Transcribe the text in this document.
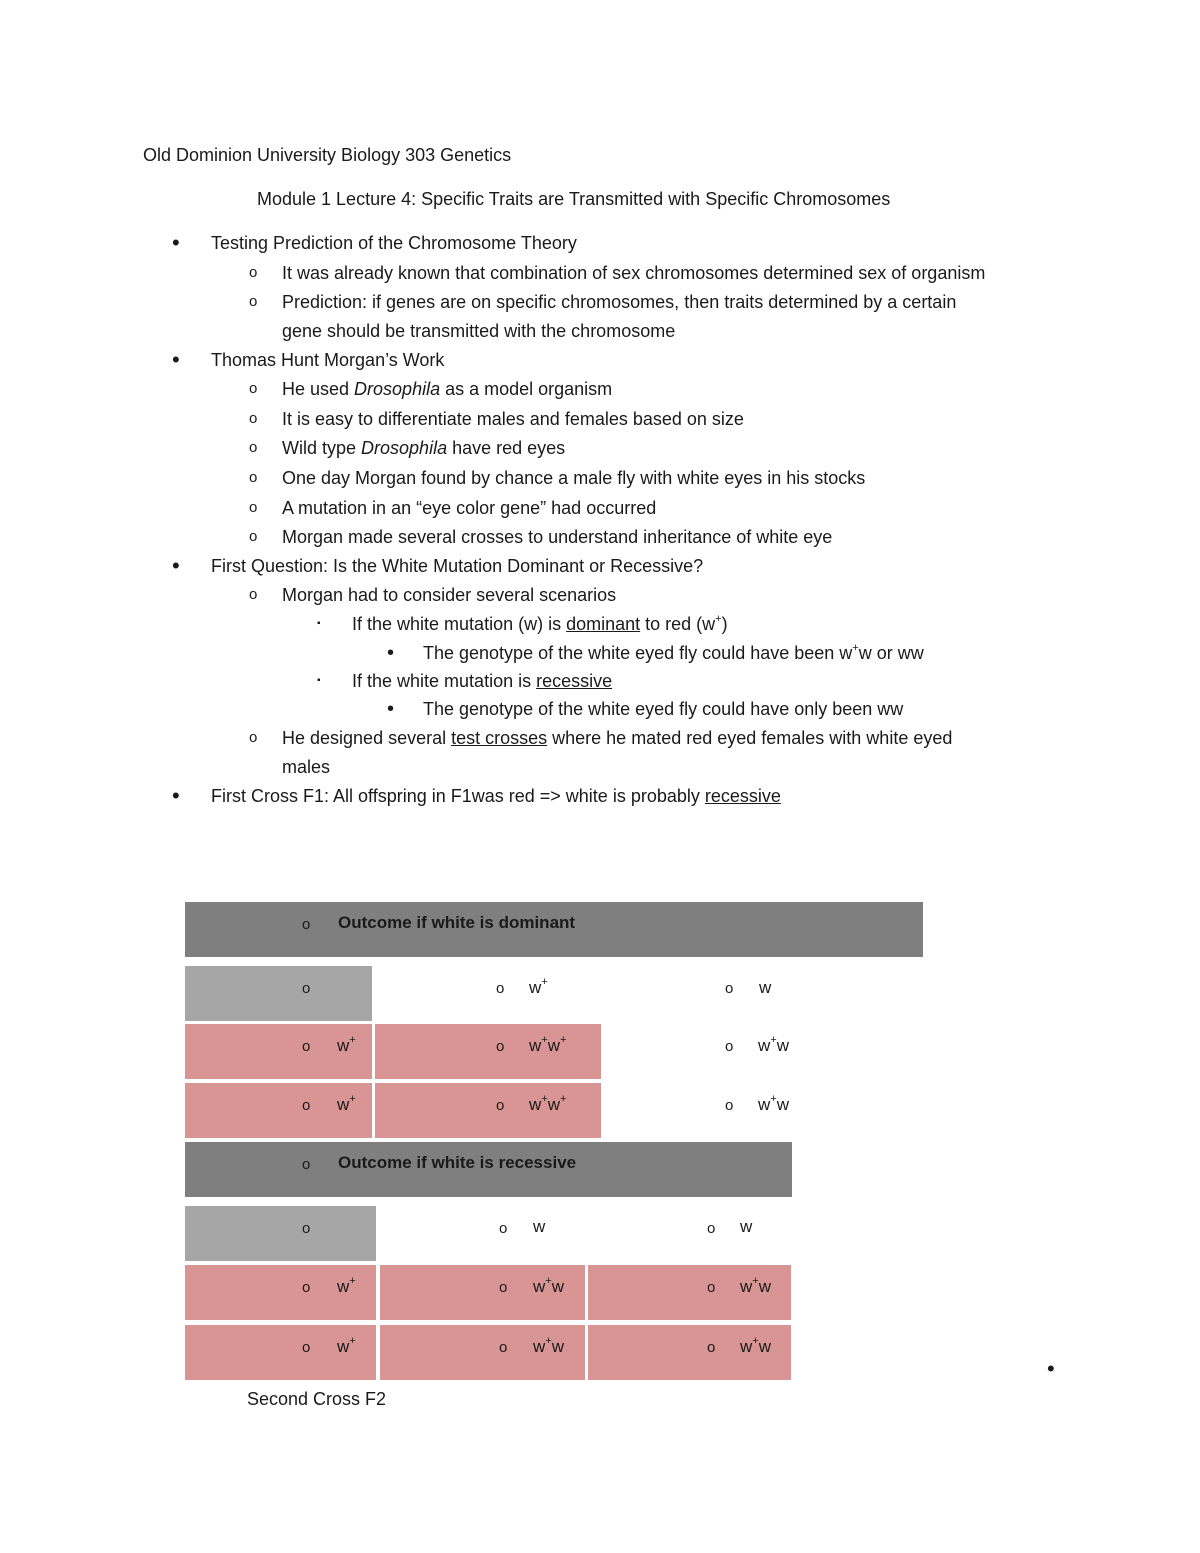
Old Dominion University Biology 303 Genetics
Module 1 Lecture 4: Specific Traits are Transmitted with Specific Chromosomes
•	Testing Prediction of the Chromosome Theory
o It was already known that combination of sex chromosomes determined sex of organism
o Prediction: if genes are on specific chromosomes, then traits determined by a certain
gene should be transmitted with the chromosome
•	Thomas Hunt Morgan’s Work
o He used Drosophila as a model organism
o It is easy to differentiate males and females based on size
o Wild type Drosophila have red eyes
o One day Morgan found by chance a male fly with white eyes in his stocks
o A mutation in an “eye color gene” had occurred
o Morgan made several crosses to understand inheritance of white eye
•	First Question: Is the White Mutation Dominant or Recessive?
o Morgan had to consider several scenarios
▪ If the white mutation (w) is dominant to red (w+)
• The genotype of the white eyed fly could have been w+w or ww
▪ If the white mutation is recessive
• The genotype of the white eyed fly could have only been ww
o He designed several test crosses where he mated red eyed females with white eyed
males
•	First Cross F1: All offspring in F1was red => white is probably recessive
o Outcome if white is dominant
o	o w+	o w
o w+	o w+w+	o w+w
o w+	o w+w+	o w+w
o Outcome if white is recessive
o	o w	o w
o w+	o w+w	o w+w
o w+	o w+w	o w+w
•
Second Cross F2
